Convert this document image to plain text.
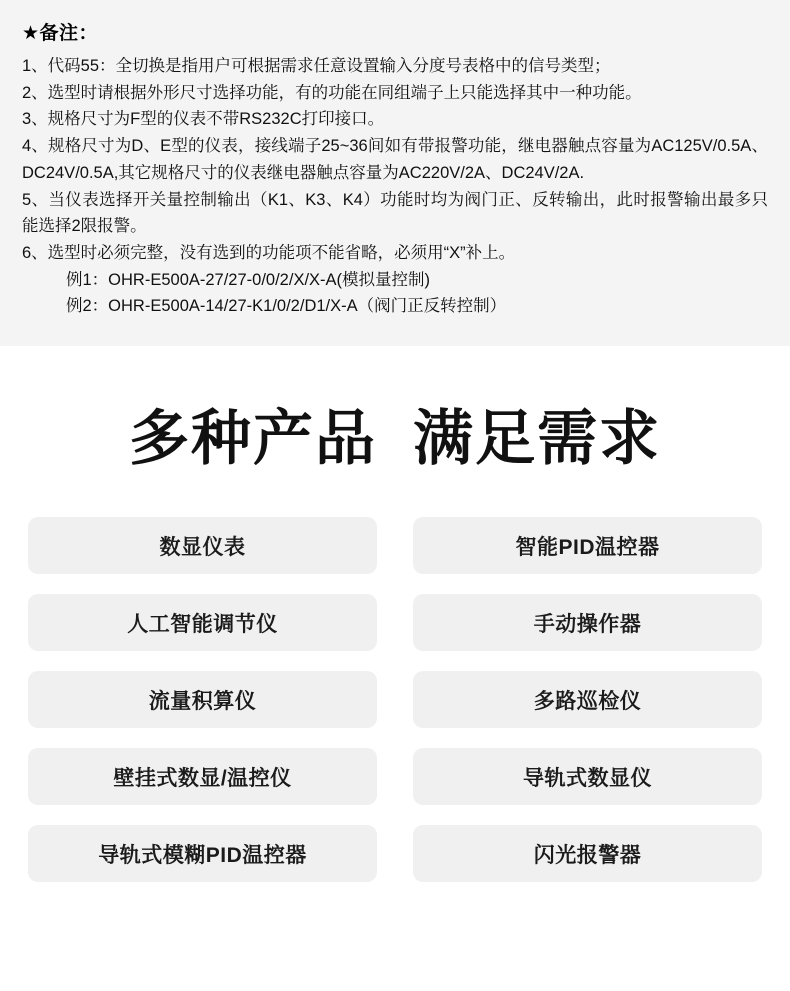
★备注：

1、代码55：全切换是指用户可根据需求任意设置输入分度号表格中的信号类型；

2、选型时请根据外形尺寸选择功能，有的功能在同组端子上只能选择其中一种功能。

3、规格尺寸为F型的仪表不带RS232C打印接口。

4、规格尺寸为D、E型的仪表，接线端子25~36间如有带报警功能，继电器触点容量为AC125V/0.5A、DC24V/0.5A,其它规格尺寸的仪表继电器触点容量为AC220V/2A、DC24V/2A.

5、当仪表选择开关量控制输出（K1、K3、K4）功能时均为阀门正、反转输出，此时报警输出最多只能选择2限报警。

6、选型时必须完整，没有选到的功能项不能省略，必须用“X”补上。

例1：OHR-E500A-27/27-0/0/2/X/X-A(模拟量控制)

例2：OHR-E500A-14/27-K1/0/2/D1/X-A（阀门正反转控制）

多种产品 满足需求
数显仪表	智能PID温控器
人工智能调节仪	手动操作器
流量积算仪	多路巡检仪
壁挂式数显/温控仪	导轨式数显仪
导轨式模糊PID温控器	闪光报警器
